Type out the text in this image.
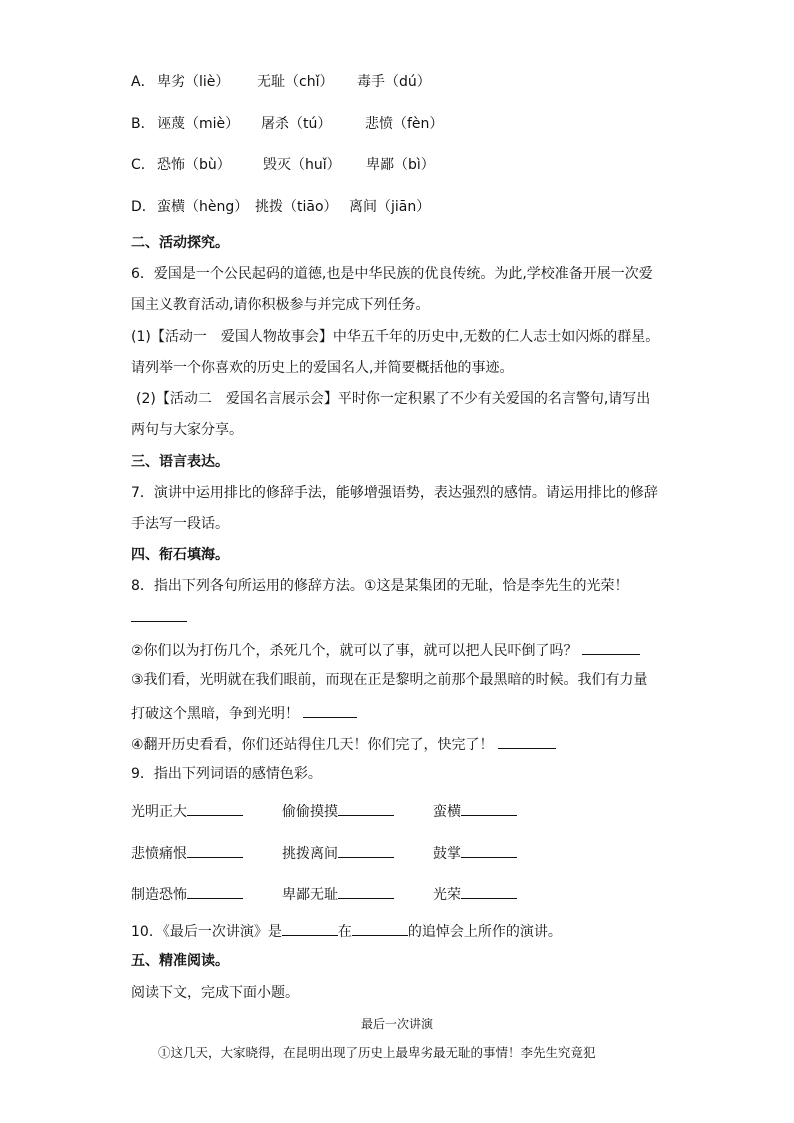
A． 卑劣（liè） 无耻（chǐ） 毒手（dú）
B． 诬蔑（miè） 屠杀（tú） 悲愤（fèn）
C． 恐怖（bù） 毁灭（huǐ） 卑鄙（bì）
D． 蛮横（hèng） 挑拨（tiāo） 离间（jiān）
二、活动探究。
6．爱国是一个公民起码的道德,也是中华民族的优良传统。为此,学校准备开展一次爱
国主义教育活动,请你积极参与并完成下列任务。
(1)【活动一　爱国人物故事会】中华五千年的历史中,无数的仁人志士如闪烁的群星。
请列举一个你喜欢的历史上的爱国名人,并简要概括他的事迹。
(2)【活动二　爱国名言展示会】平时你一定积累了不少有关爱国的名言警句,请写出
两句与大家分享。
三、语言表达。
7．演讲中运用排比的修辞手法，能够增强语势，表达强烈的感情。请运用排比的修辞
手法写一段话。
四、衔石填海。
8．指出下列各句所运用的修辞方法。①这是某集团的无耻，恰是李先生的光荣！
②你们以为打伤几个，杀死几个，就可以了事，就可以把人民吓倒了吗？
③我们看，光明就在我们眼前，而现在正是黎明之前那个最黑暗的时候。我们有力量
打破这个黑暗，争到光明！
④翻开历史看看，你们还站得住几天！你们完了，快完了！
9．指出下列词语的感情色彩。
光明正大	偷偷摸摸	蛮横
悲愤痛恨	挑拨离间	鼓掌
制造恐怖	卑鄙无耻	光荣
10．《最后一次讲演》是	在	的追悼会上所作的演讲。
五、精准阅读。
阅读下文，完成下面小题。
最后一次讲演
①这几天，大家晓得，在昆明出现了历史上最卑劣最无耻的事情！李先生究竟犯
